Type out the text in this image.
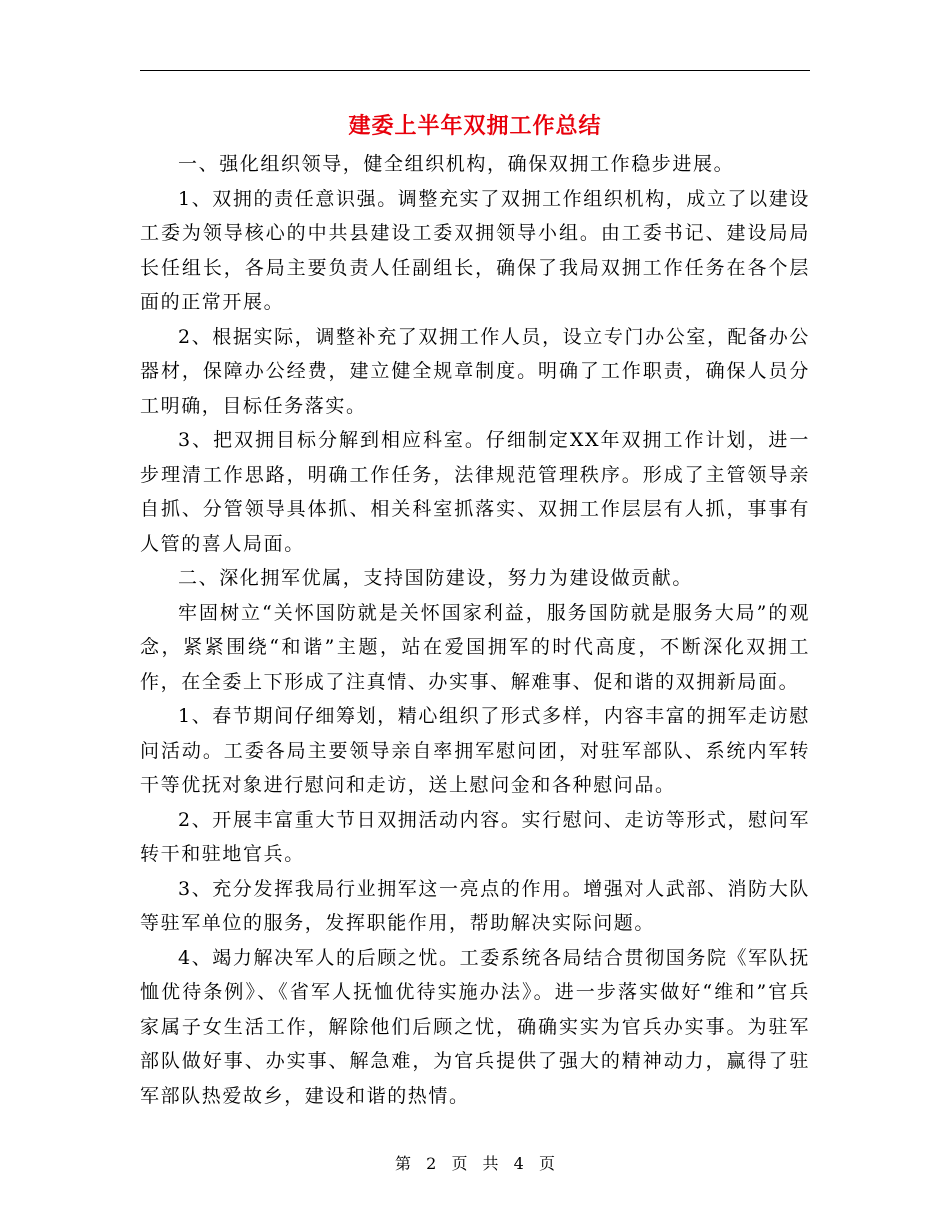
建委上半年双拥工作总结

一、强化组织领导，健全组织机构，确保双拥工作稳步进展。

1、双拥的责任意识强。调整充实了双拥工作组织机构，成立了以建设工委为领导核心的中共县建设工委双拥领导小组。由工委书记、建设局局长任组长，各局主要负责人任副组长，确保了我局双拥工作任务在各个层面的正常开展。

2、根据实际，调整补充了双拥工作人员，设立专门办公室，配备办公器材，保障办公经费，建立健全规章制度。明确了工作职责，确保人员分工明确，目标任务落实。

3、把双拥目标分解到相应科室。仔细制定XX年双拥工作计划，进一步理清工作思路，明确工作任务，法律规范管理秩序。形成了主管领导亲自抓、分管领导具体抓、相关科室抓落实、双拥工作层层有人抓，事事有人管的喜人局面。

二、深化拥军优属，支持国防建设，努力为建设做贡献。

牢固树立“关怀国防就是关怀国家利益，服务国防就是服务大局”的观念，紧紧围绕“和谐”主题，站在爱国拥军的时代高度，不断深化双拥工作，在全委上下形成了注真情、办实事、解难事、促和谐的双拥新局面。

1、春节期间仔细筹划，精心组织了形式多样，内容丰富的拥军走访慰问活动。工委各局主要领导亲自率拥军慰问团，对驻军部队、系统内军转干等优抚对象进行慰问和走访，送上慰问金和各种慰问品。

2、开展丰富重大节日双拥活动内容。实行慰问、走访等形式，慰问军转干和驻地官兵。

3、充分发挥我局行业拥军这一亮点的作用。增强对人武部、消防大队等驻军单位的服务，发挥职能作用，帮助解决实际问题。

4、竭力解决军人的后顾之忧。工委系统各局结合贯彻国务院《军队抚恤优待条例》、《省军人抚恤优待实施办法》。进一步落实做好“维和”官兵家属子女生活工作，解除他们后顾之忧，确确实实为官兵办实事。为驻军部队做好事、办实事、解急难，为官兵提供了强大的精神动力，赢得了驻军部队热爱故乡，建设和谐的热情。

第 2 页 共 4 页
